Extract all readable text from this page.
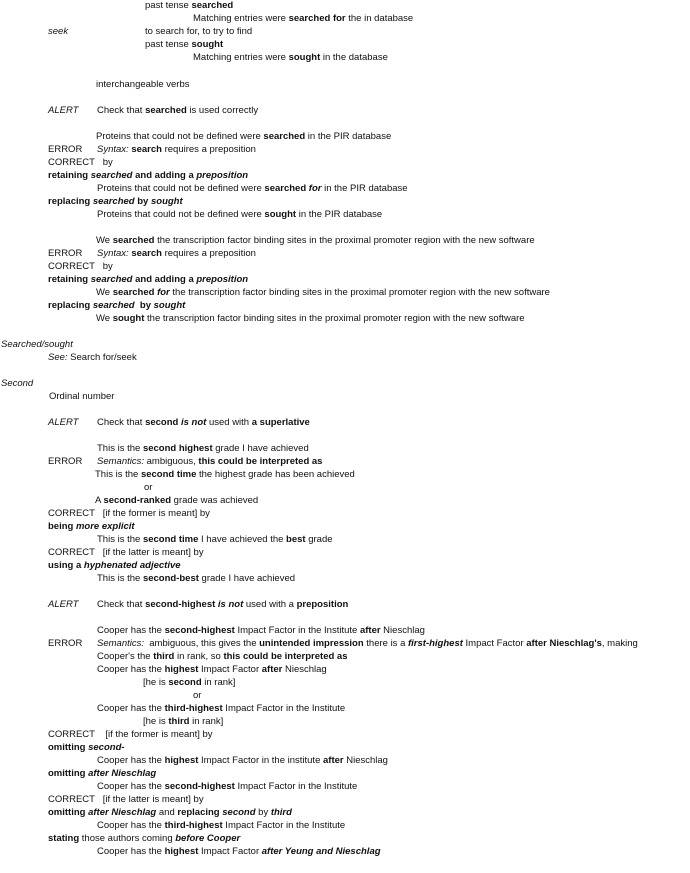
past tense searched
Matching entries were searched for the in database
seek	to search for, to try to find
past tense sought
Matching entries were sought in the database
interchangeable verbs
ALERT Check that searched is used correctly
Proteins that could not be defined were searched in the PIR database
ERROR Syntax: search requires a preposition
CORRECT   by
retaining searched and adding a preposition
Proteins that could not be defined were searched for in the PIR database
replacing searched by sought
Proteins that could not be defined were sought in the PIR database
We searched the transcription factor binding sites in the proximal promoter region with the new software
ERROR Syntax: search requires a preposition
CORRECT   by
retaining searched and adding a preposition
We searched for the transcription factor binding sites in the proximal promoter region with the new software
replacing searched  by sought
We sought the transcription factor binding sites in the proximal promoter region with the new software
Searched/sought
See: Search for/seek
Second
Ordinal number
ALERT Check that second is not used with a superlative
This is the second highest grade I have achieved
ERROR Semantics: ambiguous, this could be interpreted as
This is the second time the highest grade has been achieved
or
A second-ranked grade was achieved
CORRECT   [if the former is meant] by
being more explicit
This is the second time I have achieved the best grade
CORRECT   [if the latter is meant] by
using a hyphenated adjective
This is the second-best grade I have achieved
ALERT Check that second-highest is not used with a preposition
Cooper has the second-highest Impact Factor in the Institute after Nieschlag
ERROR Semantics:  ambiguous, this gives the unintended impression there is a first-highest Impact Factor after Nieschlag's, making
Cooper's the third in rank, so this could be interpreted as
Cooper has the highest Impact Factor after Nieschlag
[he is second in rank]
or
Cooper has the third-highest Impact Factor in the Institute
[he is third in rank]
CORRECT    [if the former is meant] by
omitting second-
Cooper has the highest Impact Factor in the institute after Nieschlag
omitting after Nieschlag
Cooper has the second-highest Impact Factor in the Institute
CORRECT   [if the latter is meant] by
omitting after Nieschlag and replacing second by third
Cooper has the third-highest Impact Factor in the Institute
stating those authors coming before Cooper
Cooper has the highest Impact Factor after Yeung and Nieschlag
